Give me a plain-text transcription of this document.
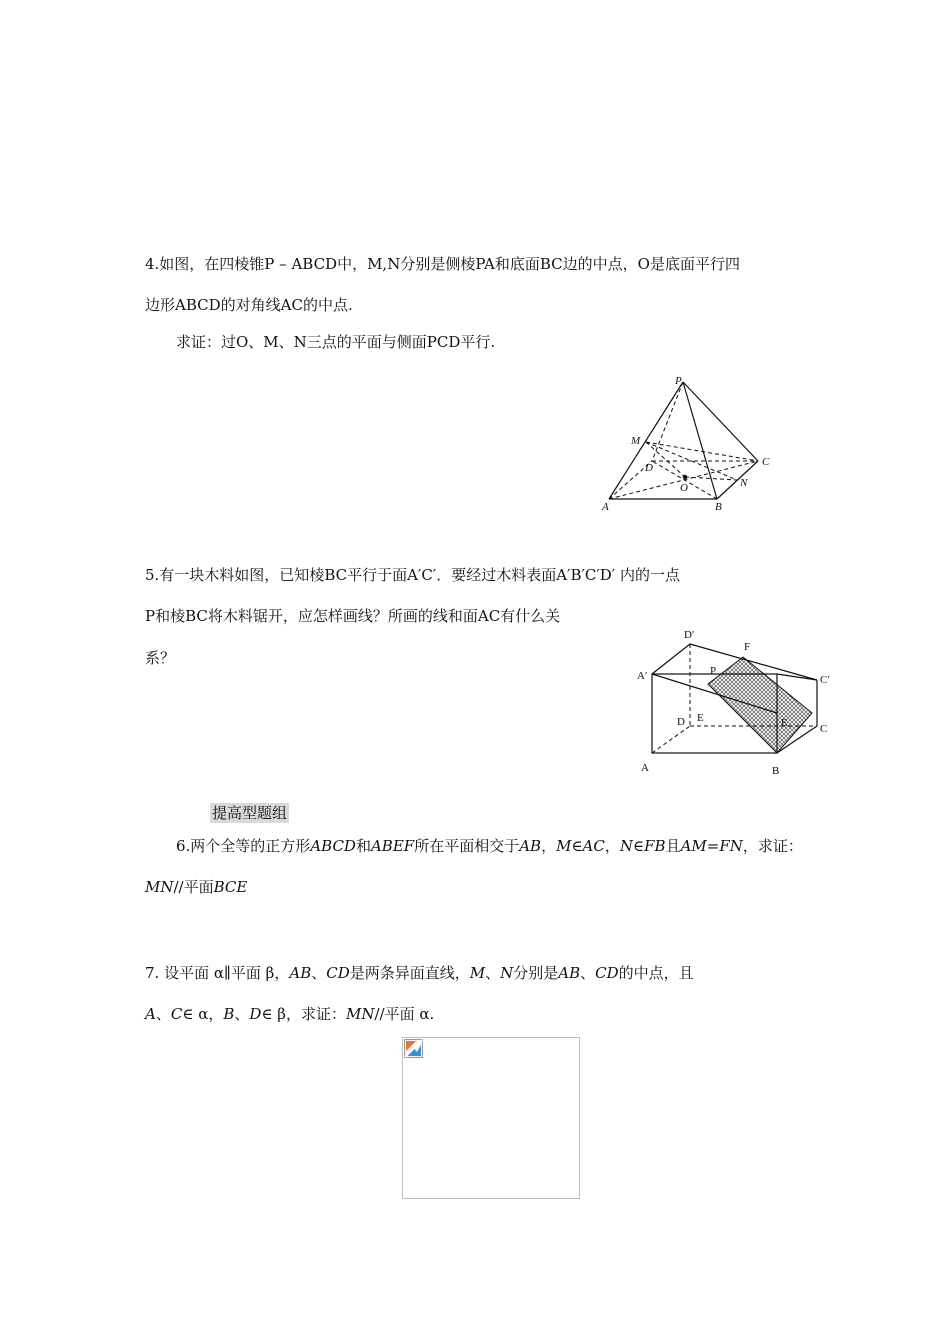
4.如图，在四棱锥P – ABCD中，M,N分别是侧棱PA和底面BC边的中点，O是底面平行四
边形ABCD的对角线AC的中点.
求证：过O、M、N三点的平面与侧面PCD平行.
P
M
D	C
O	N
A	B
5.有一块木料如图，已知棱BC平行于面A′C′．要经过木料表面A′B′C′D′ 内的一点
P和棱BC将木料锯开，应怎样画线？所画的线和面AC有什么关
系？
D′
F
A′	P
C′
D E	E	C
A	B
提高型题组
6.两个全等的正方形ABCD和ABEF所在平面相交于AB，M∈AC，N∈FB且AM=FN，求证：
MN//平面BCE
7. 设平面 α∥平面 β，AB、CD是两条异面直线，M、N分别是AB、CD的中点，且
A、C∈ α，B、D∈ β，求证：MN//平面 α.
